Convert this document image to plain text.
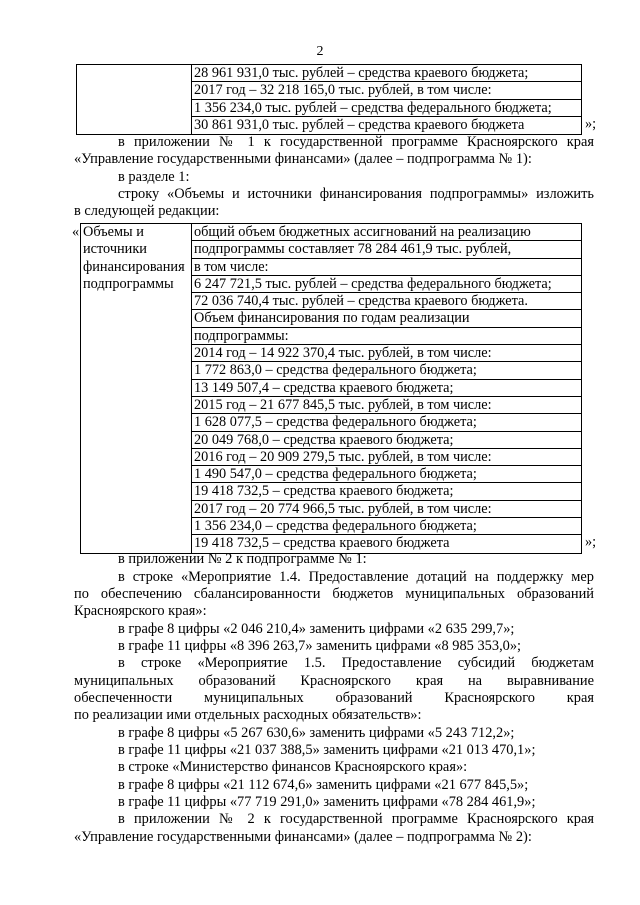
2

28 961 931,0 тыс. рублей – средства краевого бюджета;
2017 год – 32 218 165,0 тыс. рублей, в том числе:
1 356 234,0 тыс. рублей – средства федерального бюджета;
30 861 931,0 тыс. рублей – средства краевого бюджета	»;
в приложении № 1 к государственной программе Красноярского края
«Управление государственными финансами» (далее – подпрограмма № 1):
в разделе 1:
строку «Объемы и источники финансирования подпрограммы» изложить
в следующей редакции:
« Объемы и
источники
финансирования
подпрограммы

общий объем бюджетных ассигнований на реализацию
подпрограммы составляет 78 284 461,9 тыс. рублей,
в том числе:
6 247 721,5 тыс. рублей – средства федерального бюджета;
72 036 740,4 тыс. рублей – средства краевого бюджета.
Объем финансирования по годам реализации
подпрограммы:
2014 год – 14 922 370,4 тыс. рублей, в том числе:
1 772 863,0 – средства федерального бюджета;
13 149 507,4 – средства краевого бюджета;
2015 год – 21 677 845,5 тыс. рублей, в том числе:
1 628 077,5 – средства федерального бюджета;
20 049 768,0 – средства краевого бюджета;
2016 год – 20 909 279,5 тыс. рублей, в том числе:
1 490 547,0 – средства федерального бюджета;
19 418 732,5 – средства краевого бюджета;
2017 год – 20 774 966,5 тыс. рублей, в том числе:
1 356 234,0 – средства федерального бюджета;
19 418 732,5 – средства краевого бюджета	»;
в приложении № 2 к подпрограмме № 1:
в строке «Мероприятие 1.4. Предоставление дотаций на поддержку мер
по обеспечению сбалансированности бюджетов муниципальных образований
Красноярского края»:
в графе 8 цифры «2 046 210,4» заменить цифрами «2 635 299,7»;
в графе 11 цифры «8 396 263,7» заменить цифрами «8 985 353,0»;
в строке «Мероприятие 1.5. Предоставление субсидий бюджетам
муниципальных образований Красноярского края на выравнивание
обеспеченности муниципальных образований Красноярского края
по реализации ими отдельных расходных обязательств»:
в графе 8 цифры «5 267 630,6» заменить цифрами «5 243 712,2»;
в графе 11 цифры «21 037 388,5» заменить цифрами «21 013 470,1»;
в строке «Министерство финансов Красноярского края»:
в графе 8 цифры «21 112 674,6» заменить цифрами «21 677 845,5»;
в графе 11 цифры «77 719 291,0» заменить цифрами «78 284 461,9»;
в приложении № 2 к государственной программе Красноярского края
«Управление государственными финансами» (далее – подпрограмма № 2):
